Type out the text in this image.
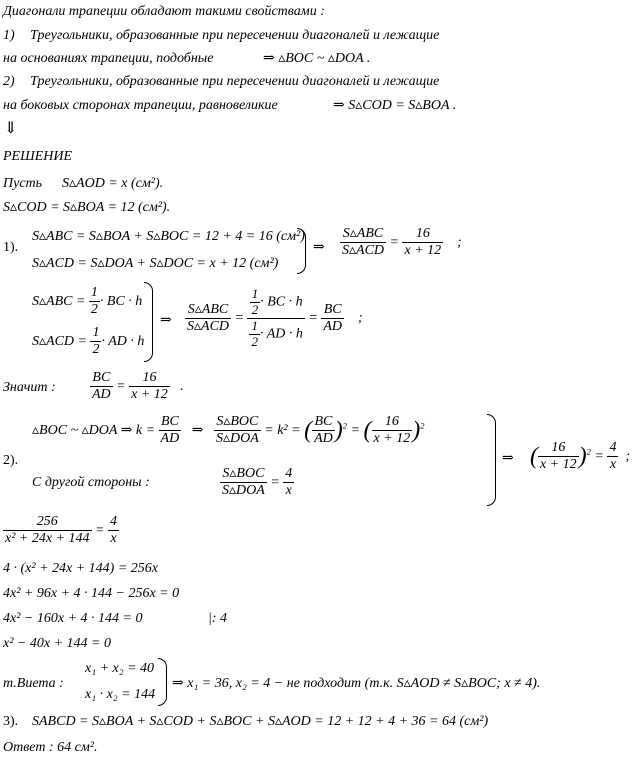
Диагонали трапеции обладают такими свойствами :
1) Треугольники, образованные при пересечении диагоналей и лежащие
на основаниях трапеции, подобные	⇒ ▵BOC ~ ▵DOA .
2) Треугольники, образованные при пересечении диагоналей и лежащие
на боковых сторонах трапеции, равновеликие	⇒ S▵COD = S▵BOA .
⇓
РЕШЕНИЕ
Пусть S▵AOD = x (см²).
S▵COD = S▵BOA = 12 (см²).
1).
S▵ABC = S▵BOA + S▵BOC = 12 + 4 = 16 (см²)
S▵ACD = S▵DOA + S▵DOC = x + 12 (см²)
⇒
S▵ABC
S▵ACD
= $\frac{16}{x + 12}$ ;
S▵ABC = $\frac{1}{2}$ · BC · h
S▵ACD = $\frac{1}{2}$ · AD · h
⇒
S▵ABC
S▵ACD
= $\frac{\frac{1}{2} \cdot BC \cdot h}{\frac{1}{2} \cdot AD \cdot h} = \frac{BC}{AD}$ ;
Значит : $\frac{BC}{AD} = \frac{16}{x + 12}$ .
2).
▵BOC ~ ▵DOA ⇒ $k = \frac{BC}{AD}$ ⇒
S▵BOC
S▵DOA
= k² = ( $\frac{BC}{AD} )^2$ = ( $\frac{16}{x + 12} )^2$
С другой стороны :
S▵BOC
S▵DOA
= $\frac{4}{x}$
⇒ ( $\frac{16}{x + 12} )^2 = \frac{4}{x}$ ;
$\frac{256}{\text{x² + 24x + 144}} = \frac{4}{x}$
4 · (x² + 24x + 144) = 256x
4x² + 96x + 4 · 144 − 256x = 0
4x² − 160x + 4 · 144 = 0	|: 4
x² − 40x + 144 = 0
т.Виета :
x₁ + x₂ = 40
x₁ · x₂ = 144
⇒ x₁ = 36, x₂ = 4 − не подходит (т.к. S▵AOD ≠ S▵BOC; x ≠ 4).
3). SABCD = S▵BOA + S▵COD + S▵BOC + S▵AOD = 12 + 12 + 4 + 36 = 64 (см²)
Ответ : 64 см².
